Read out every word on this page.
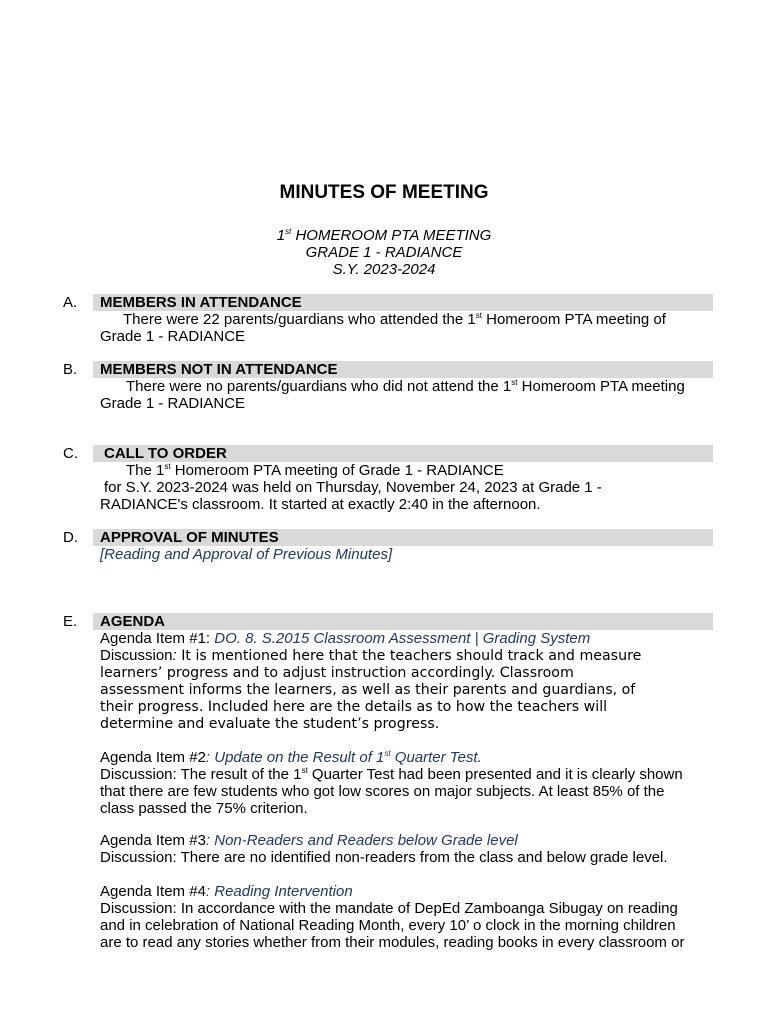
MINUTES OF MEETING
1st HOMEROOM PTA MEETING
GRADE 1 - RADIANCE
S.Y. 2023-2024
A.	MEMBERS IN ATTENDANCE
There were 22 parents/guardians who attended the 1st Homeroom PTA meeting of
Grade 1 - RADIANCE
B.	MEMBERS NOT IN ATTENDANCE
There were no parents/guardians who did not attend the 1st Homeroom PTA meeting
Grade 1 - RADIANCE
C.	CALL TO ORDER
The 1st Homeroom PTA meeting of Grade 1 - RADIANCE
for S.Y. 2023-2024 was held on Thursday, November 24, 2023 at Grade 1 -
RADIANCE's classroom. It started at exactly 2:40 in the afternoon.
D.	APPROVAL OF MINUTES
[Reading and Approval of Previous Minutes]
E.	AGENDA
Agenda Item #1: DO. 8. S.2015 Classroom Assessment | Grading System
Discussion: It is mentioned here that the teachers should track and measure
learners’ progress and to adjust instruction accordingly. Classroom
assessment informs the learners, as well as their parents and guardians, of
their progress. Included here are the details as to how the teachers will
determine and evaluate the student’s progress.
Agenda Item #2: Update on the Result of 1st Quarter Test.
Discussion: The result of the 1st Quarter Test had been presented and it is clearly shown
that there are few students who got low scores on major subjects. At least 85% of the
class passed the 75% criterion.
Agenda Item #3: Non-Readers and Readers below Grade level
Discussion: There are no identified non-readers from the class and below grade level.
Agenda Item #4: Reading Intervention
Discussion: In accordance with the mandate of DepEd Zamboanga Sibugay on reading
and in celebration of National Reading Month, every 10’ o clock in the morning children
are to read any stories whether from their modules, reading books in every classroom or
